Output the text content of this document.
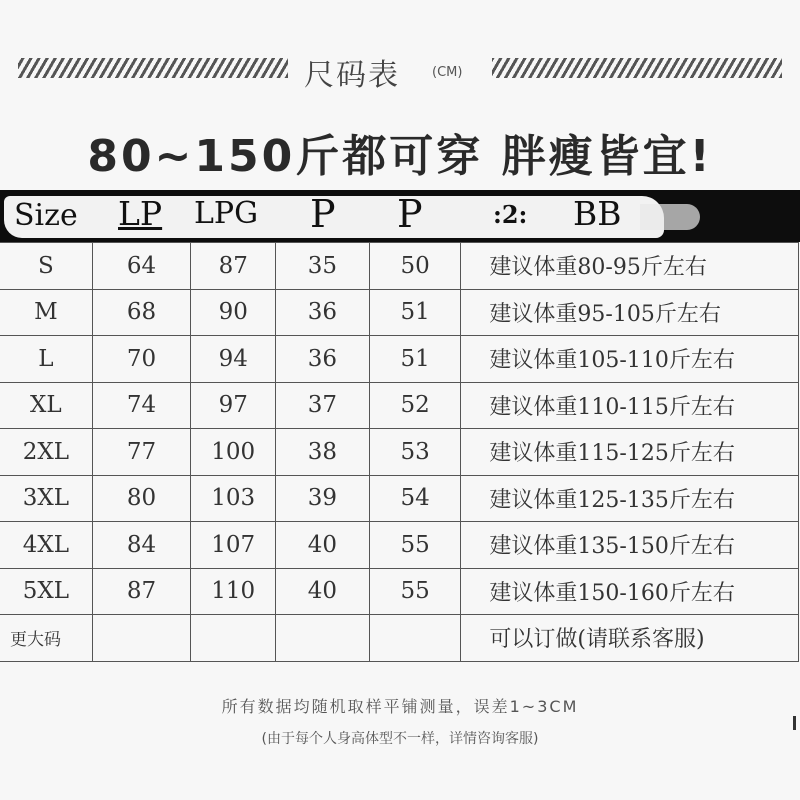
尺码表 (CM)
80~150斤都可穿 胖瘦皆宜!
Size LP LPG P P	:2: BB
S	64	87	35	50	建议体重80-95斤左右
M	68	90	36	51	建议体重95-105斤左右
L	70	94	36	51	建议体重105-110斤左右
XL	74	97	37	52	建议体重110-115斤左右
2XL	77	100	38	53	建议体重115-125斤左右
3XL	80	103	39	54	建议体重125-135斤左右
4XL	84	107	40	55	建议体重135-150斤左右
5XL	87	110	40	55	建议体重150-160斤左右
更大码					可以订做(请联系客服)
所有数据均随机取样平铺测量，误差1~3CM
(由于每个人身高体型不一样，详情咨询客服)
